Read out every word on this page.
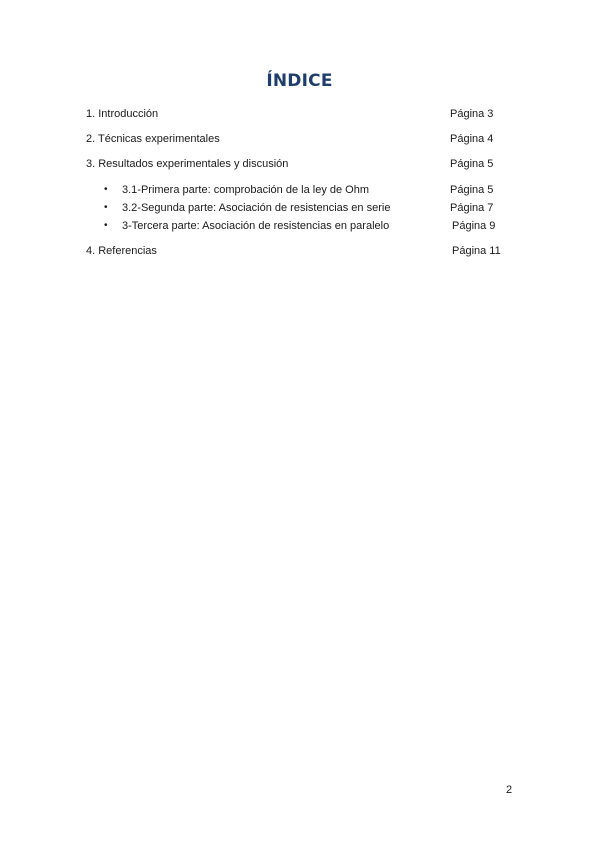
ÍNDICE
1. Introducción	Página 3
2. Técnicas experimentales	Página 4
3. Resultados experimentales y discusión	Página 5
• 3.1-Primera parte: comprobación de la ley de Ohm	Página 5
• 3.2-Segunda parte: Asociación de resistencias en serie	Página 7
• 3-Tercera parte: Asociación de resistencias en paralelo	Página 9
4. Referencias	Página 11
2
